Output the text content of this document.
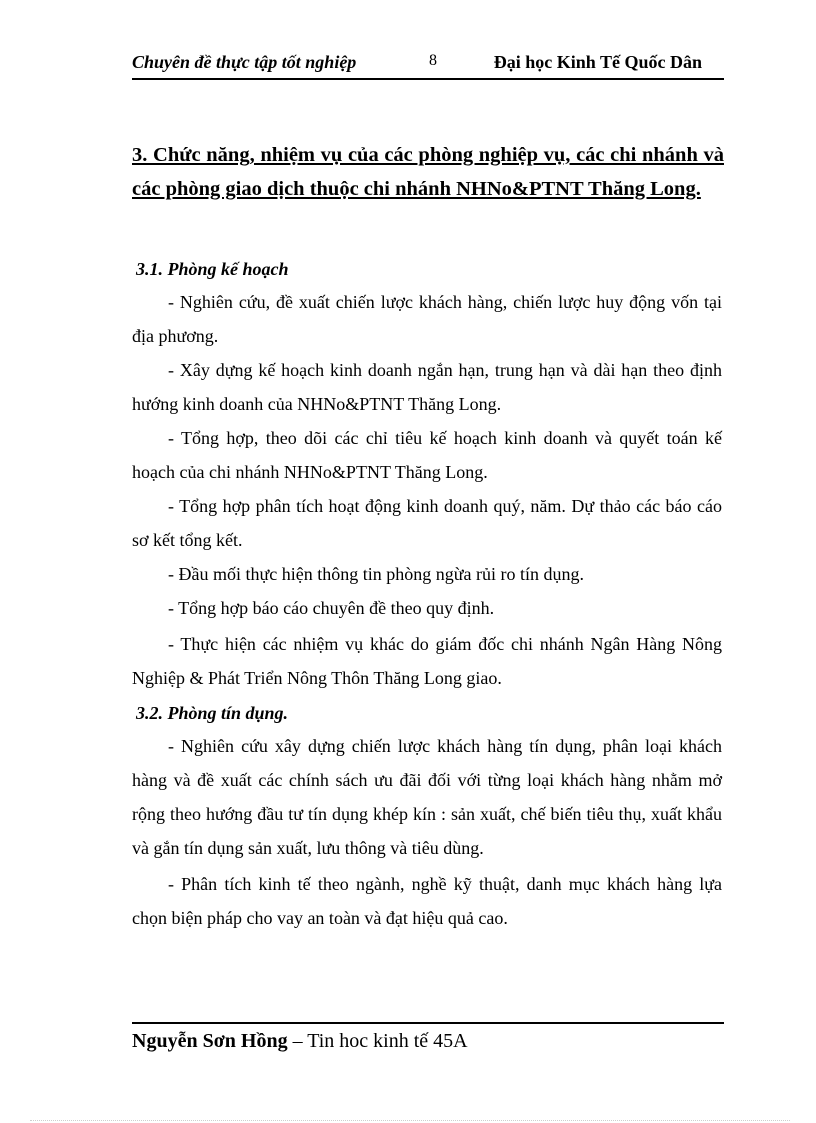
Chuyên đề thực tập tốt nghiệp	8	Đại học Kinh Tế Quốc Dân
3. Chức năng, nhiệm vụ của các phòng nghiệp vụ, các chi nhánh và các phòng giao dịch thuộc chi nhánh NHNo&PTNT Thăng Long.
3.1. Phòng kế hoạch

- Nghiên cứu, đề xuất chiến lược khách hàng, chiến lược huy động vốn tại địa phương.

- Xây dựng kế hoạch kinh doanh ngắn hạn, trung hạn và dài hạn theo định hướng kinh doanh của NHNo&PTNT Thăng Long.

- Tổng hợp, theo dõi các chỉ tiêu kế hoạch kinh doanh và quyết toán kế hoạch của chi nhánh NHNo&PTNT Thăng Long.

- Tổng hợp phân tích hoạt động kinh doanh quý, năm. Dự thảo các báo cáo sơ kết tổng kết.

- Đầu mối thực hiện thông tin phòng ngừa rủi ro tín dụng.

- Tổng hợp báo cáo chuyên đề theo quy định.

- Thực hiện các nhiệm vụ khác do giám đốc chi nhánh Ngân Hàng Nông Nghiệp & Phát Triển Nông Thôn Thăng Long giao.

3.2. Phòng tín dụng.

- Nghiên cứu xây dựng chiến lược khách hàng tín dụng, phân loại khách hàng và đề xuất các chính sách ưu đãi đối với từng loại khách hàng nhằm mở rộng theo hướng đầu tư tín dụng khép kín : sản xuất, chế biến tiêu thụ, xuất khẩu và gắn tín dụng sản xuất, lưu thông và tiêu dùng.

- Phân tích kinh tế theo ngành, nghề kỹ thuật, danh mục khách hàng lựa chọn biện pháp cho vay an toàn và đạt hiệu quả cao.

Nguyễn Sơn Hồng – Tin hoc kinh tế 45A
